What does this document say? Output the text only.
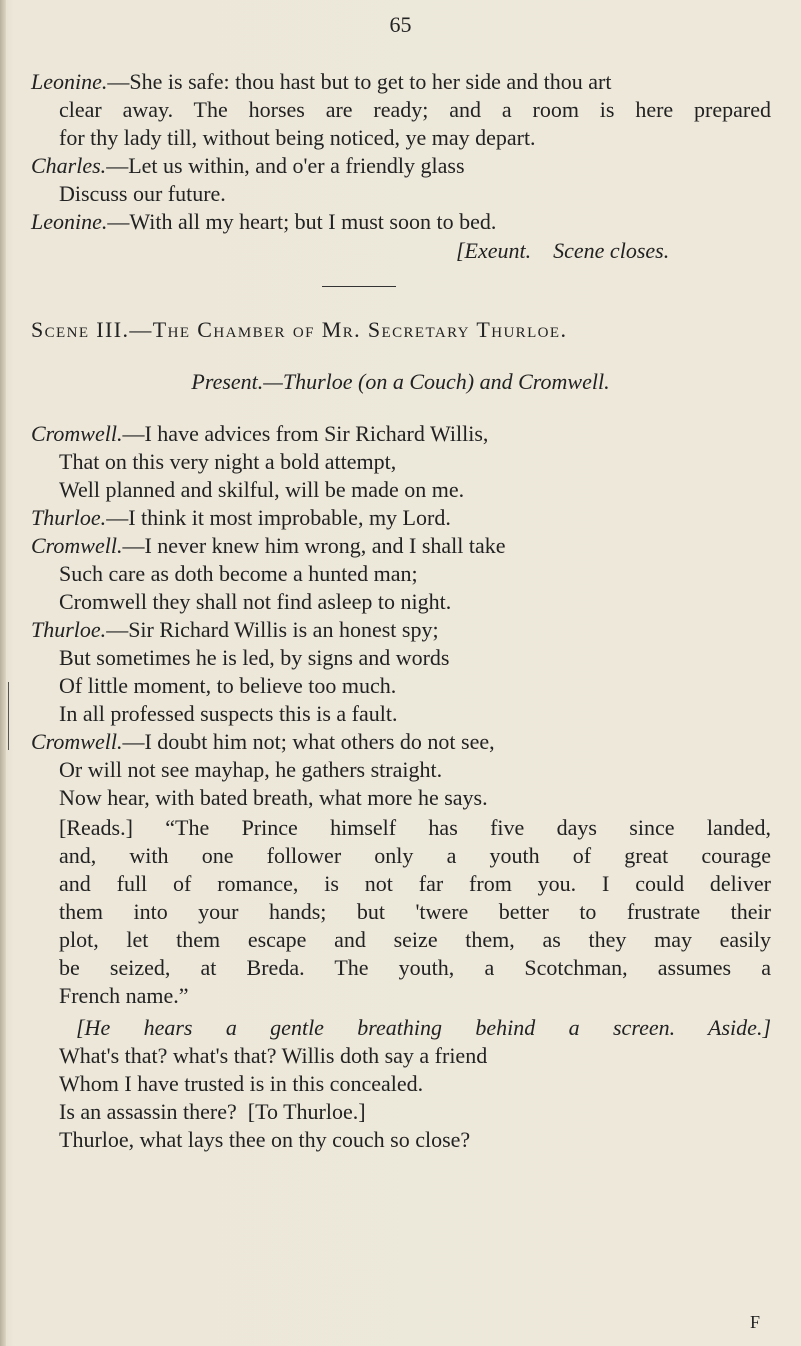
65
Leonine.—She is safe: thou hast but to get to her side and thou art
clear away. The horses are ready; and a room is here prepared
for thy lady till, without being noticed, ye may depart.
Charles.—Let us within, and o'er a friendly glass
Discuss our future.
Leonine.—With all my heart; but I must soon to bed.
[Exeunt.    Scene closes.
Scene III.—The Chamber of Mr. Secretary Thurloe.
Present.—Thurloe (on a Couch) and Cromwell.
Cromwell.—I have advices from Sir Richard Willis,
That on this very night a bold attempt,
Well planned and skilful, will be made on me.
Thurloe.—I think it most improbable, my Lord.
Cromwell.—I never knew him wrong, and I shall take
Such care as doth become a hunted man;
Cromwell they shall not find asleep to night.
Thurloe.—Sir Richard Willis is an honest spy;
But sometimes he is led, by signs and words
Of little moment, to believe too much.
In all professed suspects this is a fault.
Cromwell.—I doubt him not; what others do not see,
Or will not see mayhap, he gathers straight.
Now hear, with bated breath, what more he says.
[Reads.] “The Prince himself has five days since landed,
and, with one follower only a youth of great courage
and full of romance, is not far from you. I could deliver
them into your hands; but 'twere better to frustrate their
plot, let them escape and seize them, as they may easily
be seized, at Breda. The youth, a Scotchman, assumes a
French name.”
[He hears a gentle breathing behind a screen. Aside.]
What's that? what's that? Willis doth say a friend
Whom I have trusted is in this concealed.
Is an assassin there?  [To Thurloe.]
Thurloe, what lays thee on thy couch so close?
F
